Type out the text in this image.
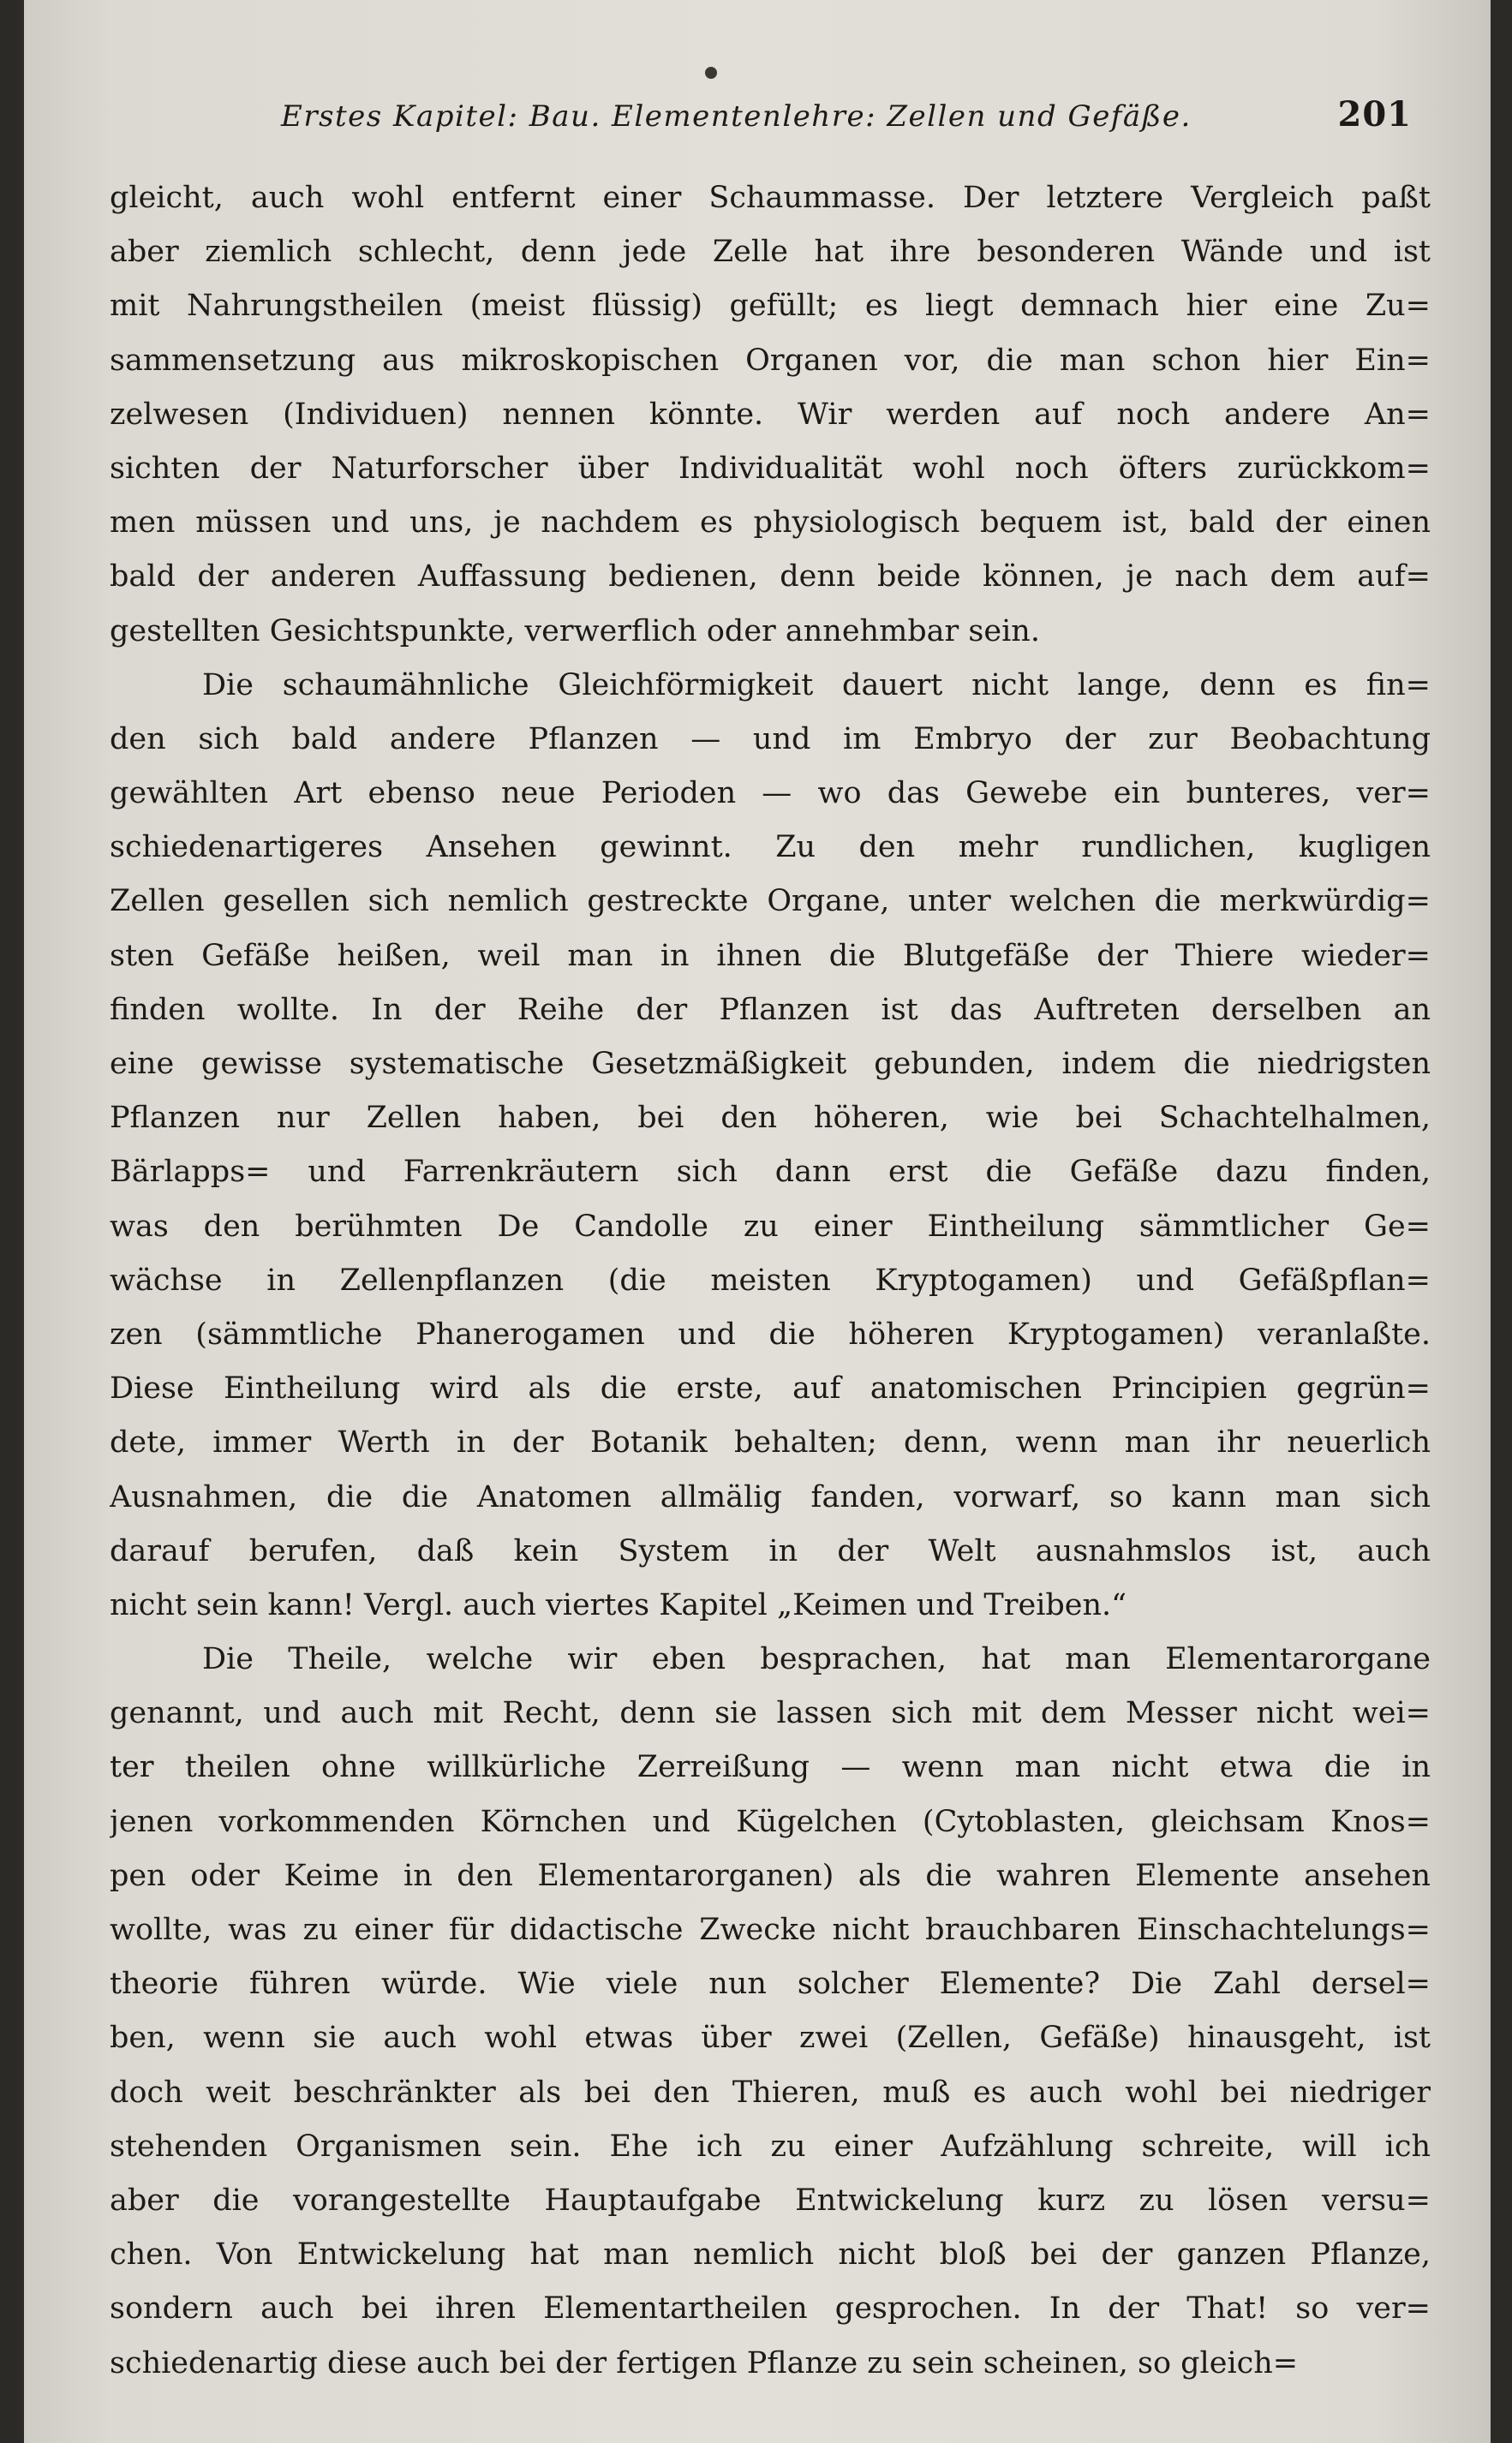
Erstes Kapitel: Bau. Elementenlehre: Zellen und Gefäße.	201
gleicht, auch wohl entfernt einer Schaummasse. Der letztere Vergleich paßt
aber ziemlich schlecht, denn jede Zelle hat ihre besonderen Wände und ist
mit Nahrungstheilen (meist flüssig) gefüllt; es liegt demnach hier eine Zu=
sammensetzung aus mikroskopischen Organen vor, die man schon hier Ein=
zelwesen (Individuen) nennen könnte. Wir werden auf noch andere An=
sichten der Naturforscher über Individualität wohl noch öfters zurückkom=
men müssen und uns, je nachdem es physiologisch bequem ist, bald der einen
bald der anderen Auffassung bedienen, denn beide können, je nach dem auf=
gestellten Gesichtspunkte, verwerflich oder annehmbar sein.
Die schaumähnliche Gleichförmigkeit dauert nicht lange, denn es fin=
den sich bald andere Pflanzen — und im Embryo der zur Beobachtung
gewählten Art ebenso neue Perioden — wo das Gewebe ein bunteres, ver=
schiedenartigeres Ansehen gewinnt. Zu den mehr rundlichen, kugligen
Zellen gesellen sich nemlich gestreckte Organe, unter welchen die merkwürdig=
sten Gefäße heißen, weil man in ihnen die Blutgefäße der Thiere wieder=
finden wollte. In der Reihe der Pflanzen ist das Auftreten derselben an
eine gewisse systematische Gesetzmäßigkeit gebunden, indem die niedrigsten
Pflanzen nur Zellen haben, bei den höheren, wie bei Schachtelhalmen,
Bärlapps= und Farrenkräutern sich dann erst die Gefäße dazu finden,
was den berühmten De Candolle zu einer Eintheilung sämmtlicher Ge=
wächse in Zellenpflanzen (die meisten Kryptogamen) und Gefäßpflan=
zen (sämmtliche Phanerogamen und die höheren Kryptogamen) veranlaßte.
Diese Eintheilung wird als die erste, auf anatomischen Principien gegrün=
dete, immer Werth in der Botanik behalten; denn, wenn man ihr neuerlich
Ausnahmen, die die Anatomen allmälig fanden, vorwarf, so kann man sich
darauf berufen, daß kein System in der Welt ausnahmslos ist, auch
nicht sein kann! Vergl. auch viertes Kapitel „Keimen und Treiben.“
Die Theile, welche wir eben besprachen, hat man Elementarorgane
genannt, und auch mit Recht, denn sie lassen sich mit dem Messer nicht wei=
ter theilen ohne willkürliche Zerreißung — wenn man nicht etwa die in
jenen vorkommenden Körnchen und Kügelchen (Cytoblasten, gleichsam Knos=
pen oder Keime in den Elementarorganen) als die wahren Elemente ansehen
wollte, was zu einer für didactische Zwecke nicht brauchbaren Einschachtelungs=
theorie führen würde. Wie viele nun solcher Elemente? Die Zahl dersel=
ben, wenn sie auch wohl etwas über zwei (Zellen, Gefäße) hinausgeht, ist
doch weit beschränkter als bei den Thieren, muß es auch wohl bei niedriger
stehenden Organismen sein. Ehe ich zu einer Aufzählung schreite, will ich
aber die vorangestellte Hauptaufgabe Entwickelung kurz zu lösen versu=
chen. Von Entwickelung hat man nemlich nicht bloß bei der ganzen Pflanze,
sondern auch bei ihren Elementartheilen gesprochen. In der That! so ver=
schiedenartig diese auch bei der fertigen Pflanze zu sein scheinen, so gleich=
